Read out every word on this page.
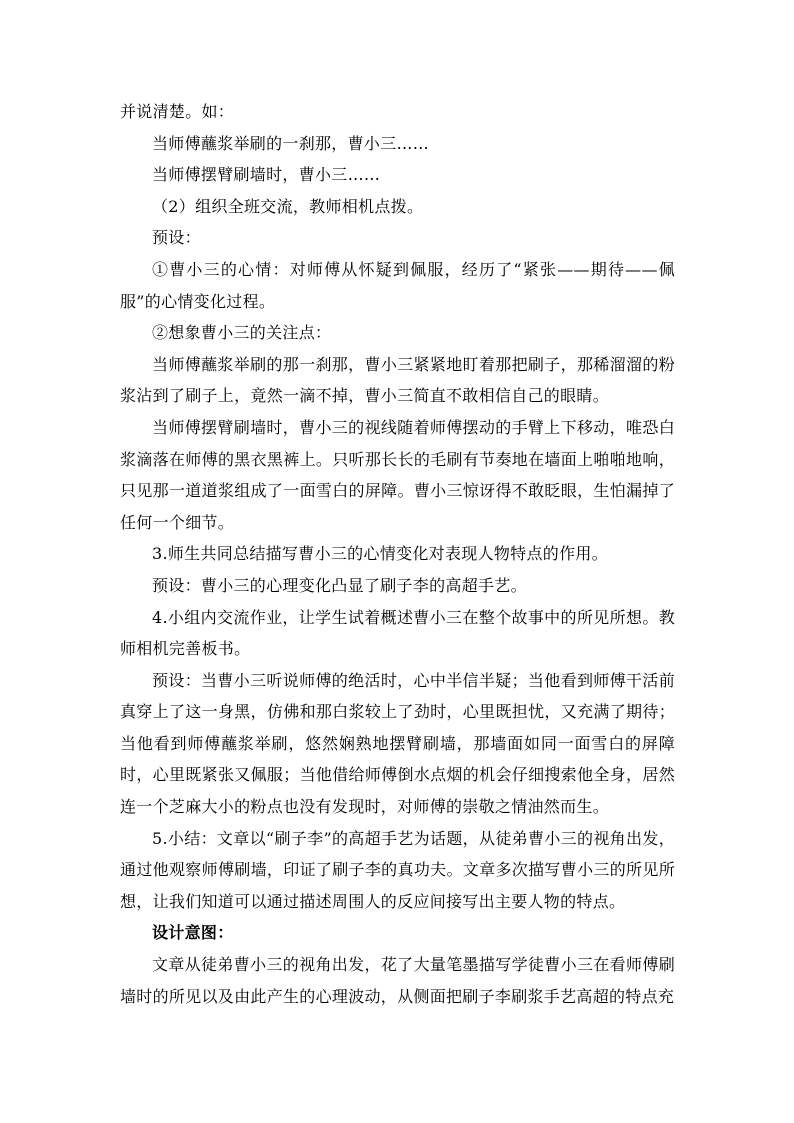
并说清楚。如：

当师傅蘸浆举刷的一刹那，曹小三……

当师傅摆臂刷墙时，曹小三……

（2）组织全班交流，教师相机点拨。

预设：

①曹小三的心情：对师傅从怀疑到佩服，经历了“紧张——期待——佩服”的心情变化过程。

②想象曹小三的关注点：

当师傅蘸浆举刷的那一刹那，曹小三紧紧地盯着那把刷子，那稀溜溜的粉浆沾到了刷子上，竟然一滴不掉，曹小三简直不敢相信自己的眼睛。

当师傅摆臂刷墙时，曹小三的视线随着师傅摆动的手臂上下移动，唯恐白浆滴落在师傅的黑衣黑裤上。只听那长长的毛刷有节奏地在墙面上啪啪地响，只见那一道道浆组成了一面雪白的屏障。曹小三惊讶得不敢眨眼，生怕漏掉了任何一个细节。

3.师生共同总结描写曹小三的心情变化对表现人物特点的作用。

预设：曹小三的心理变化凸显了刷子李的高超手艺。

4.小组内交流作业，让学生试着概述曹小三在整个故事中的所见所想。教师相机完善板书。

预设：当曹小三听说师傅的绝活时，心中半信半疑；当他看到师傅干活前真穿上了这一身黑，仿佛和那白浆较上了劲时，心里既担忧，又充满了期待；当他看到师傅蘸浆举刷，悠然娴熟地摆臂刷墙，那墙面如同一面雪白的屏障时，心里既紧张又佩服；当他借给师傅倒水点烟的机会仔细搜索他全身，居然连一个芝麻大小的粉点也没有发现时，对师傅的崇敬之情油然而生。

5.小结：文章以“刷子李”的高超手艺为话题，从徒弟曹小三的视角出发，通过他观察师傅刷墙，印证了刷子李的真功夫。文章多次描写曹小三的所见所想，让我们知道可以通过描述周围人的反应间接写出主要人物的特点。

设计意图：

文章从徒弟曹小三的视角出发，花了大量笔墨描写学徒曹小三在看师傅刷墙时的所见以及由此产生的心理波动，从侧面把刷子李刷浆手艺高超的特点充
